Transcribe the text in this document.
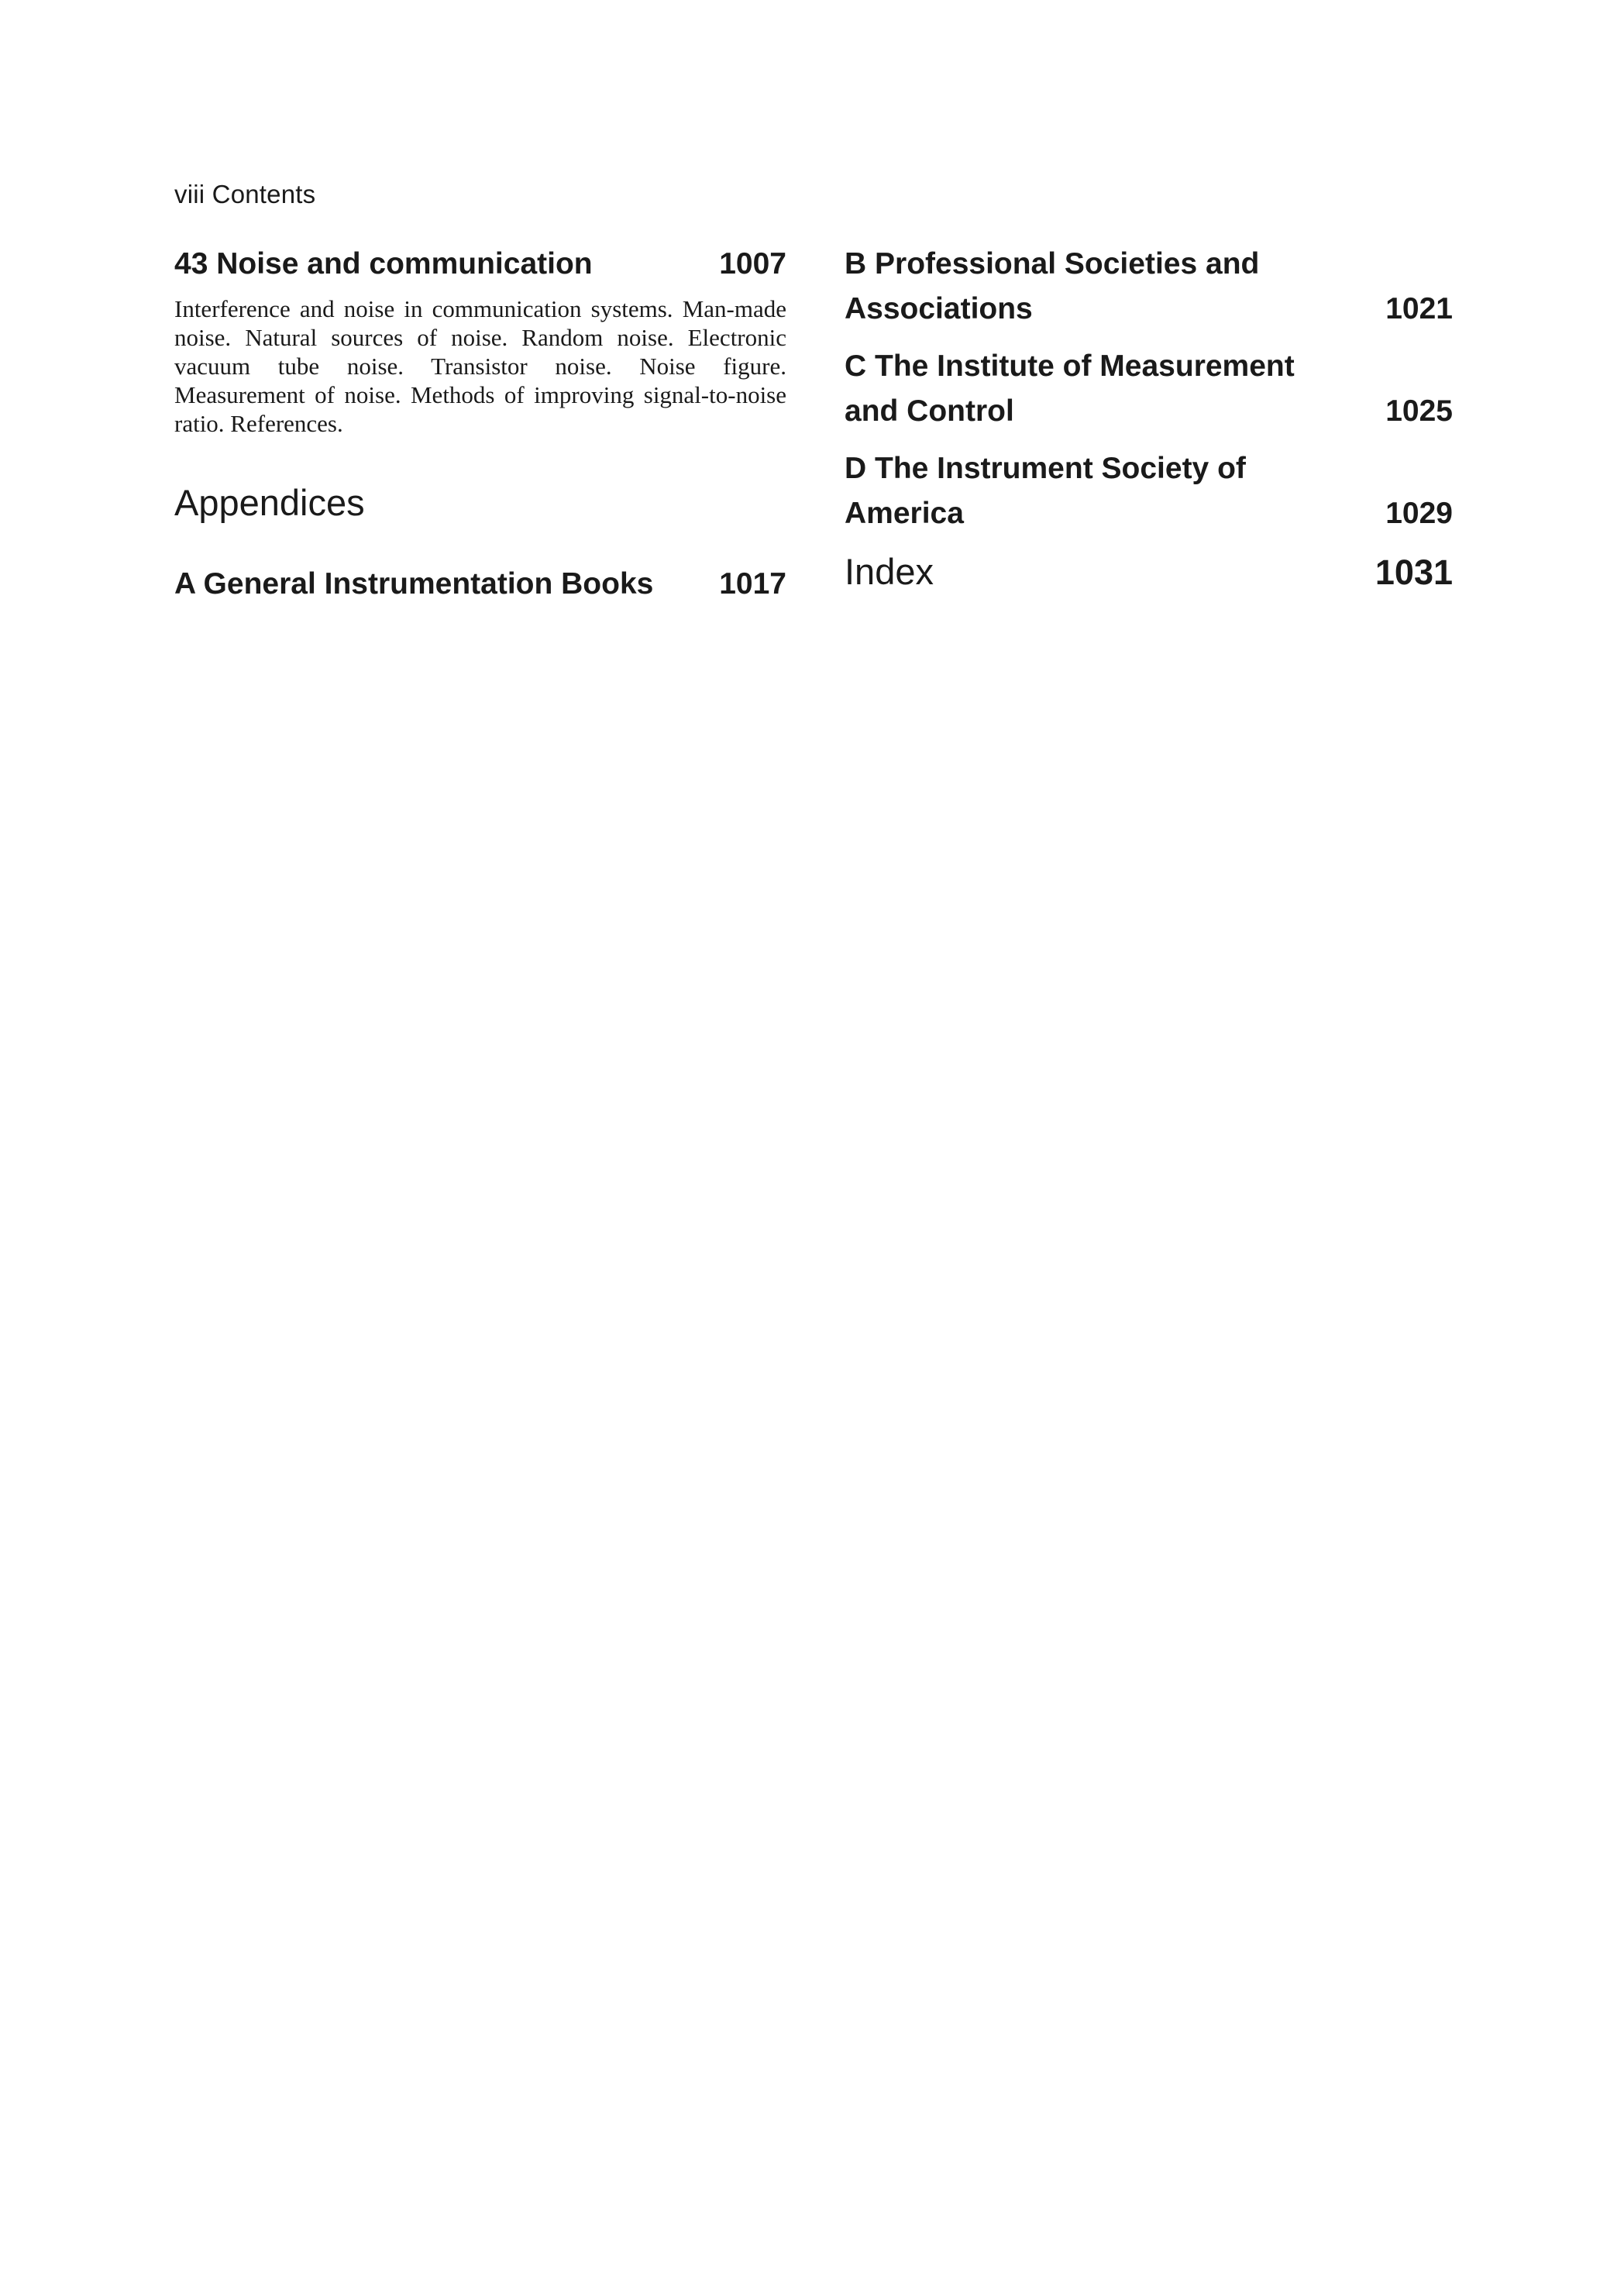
viii Contents
43 Noise and communication	1007
Interference and noise in communication systems. Man-made noise. Natural sources of noise. Random noise. Electronic vacuum tube noise. Transistor noise. Noise figure. Measurement of noise. Methods of improving signal-to-noise ratio. References.
Appendices
A General Instrumentation Books 1017
B Professional Societies and
Associations	1021
C The Institute of Measurement
and Control	1025
D The Instrument Society of
America	1029
Index	1031
